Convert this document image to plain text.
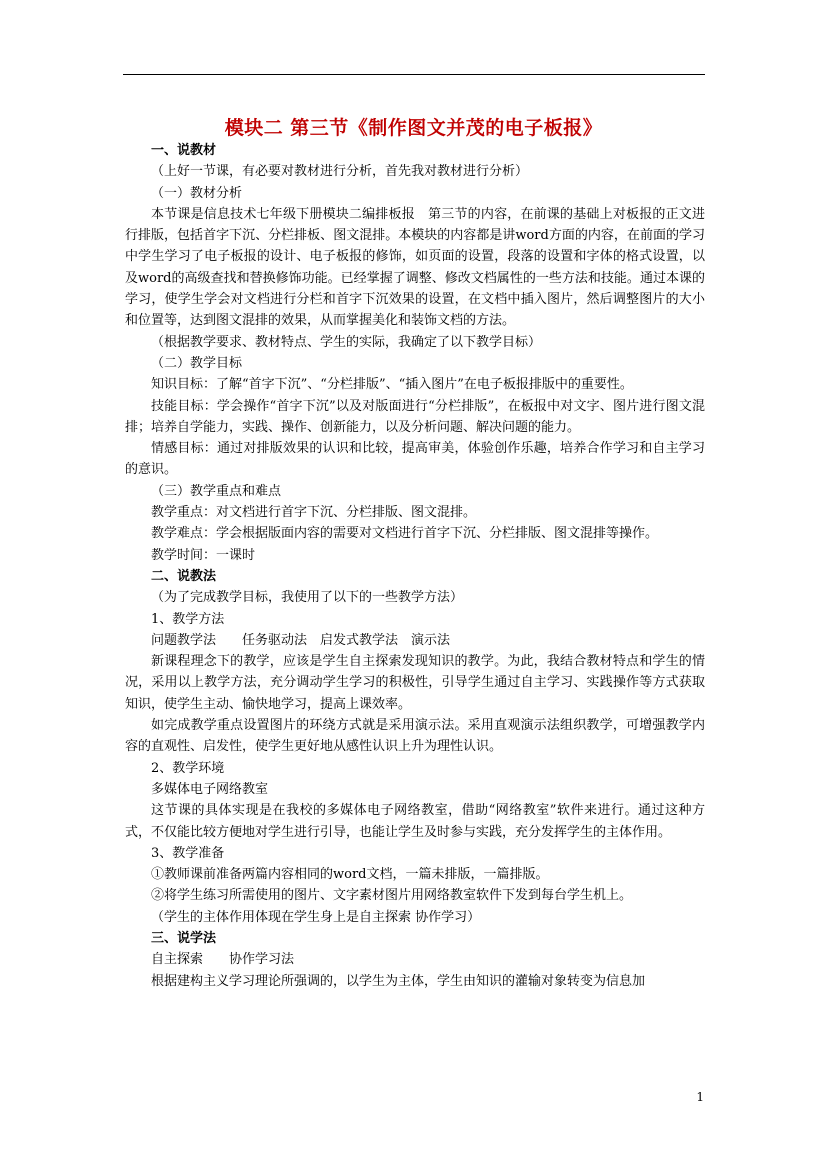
模块二 第三节《制作图文并茂的电子板报》

一、说教材

（上好一节课，有必要对教材进行分析，首先我对教材进行分析）

（一）教材分析

本节课是信息技术七年级下册模块二编排板报　第三节的内容，在前课的基础上对板报的正文进行排版，包括首字下沉、分栏排板、图文混排。本模块的内容都是讲word方面的内容，在前面的学习中学生学习了电子板报的设计、电子板报的修饰，如页面的设置，段落的设置和字体的格式设置，以及word的高级查找和替换修饰功能。已经掌握了调整、修改文档属性的一些方法和技能。通过本课的学习，使学生学会对文档进行分栏和首字下沉效果的设置，在文档中插入图片，然后调整图片的大小和位置等，达到图文混排的效果，从而掌握美化和装饰文档的方法。

（根据教学要求、教材特点、学生的实际，我确定了以下教学目标）

（二）教学目标

知识目标：了解“首字下沉”、“分栏排版”、“插入图片”在电子板报排版中的重要性。

技能目标：学会操作“首字下沉”以及对版面进行“分栏排版”，在板报中对文字、图片进行图文混排；培养自学能力，实践、操作、创新能力，以及分析问题、解决问题的能力。

情感目标：通过对排版效果的认识和比较，提高审美，体验创作乐趣，培养合作学习和自主学习的意识。

（三）教学重点和难点

教学重点：对文档进行首字下沉、分栏排版、图文混排。

教学难点：学会根据版面内容的需要对文档进行首字下沉、分栏排版、图文混排等操作。

教学时间：一课时

二、说教法

（为了完成教学目标，我使用了以下的一些教学方法）

1、教学方法

问题教学法　　任务驱动法　启发式教学法　演示法

新课程理念下的教学，应该是学生自主探索发现知识的教学。为此，我结合教材特点和学生的情况，采用以上教学方法，充分调动学生学习的积极性，引导学生通过自主学习、实践操作等方式获取知识，使学生主动、愉快地学习，提高上课效率。

如完成教学重点设置图片的环绕方式就是采用演示法。采用直观演示法组织教学，可增强教学内容的直观性、启发性，使学生更好地从感性认识上升为理性认识。

2、教学环境

多媒体电子网络教室

这节课的具体实现是在我校的多媒体电子网络教室，借助“网络教室”软件来进行。通过这种方式，不仅能比较方便地对学生进行引导，也能让学生及时参与实践，充分发挥学生的主体作用。

3、教学准备

①教师课前准备两篇内容相同的word文档，一篇未排版，一篇排版。

②将学生练习所需使用的图片、文字素材图片用网络教室软件下发到每台学生机上。

（学生的主体作用体现在学生身上是自主探索 协作学习）

三、说学法

自主探索　　协作学习法

根据建构主义学习理论所强调的，以学生为主体，学生由知识的灌输对象转变为信息加

1
